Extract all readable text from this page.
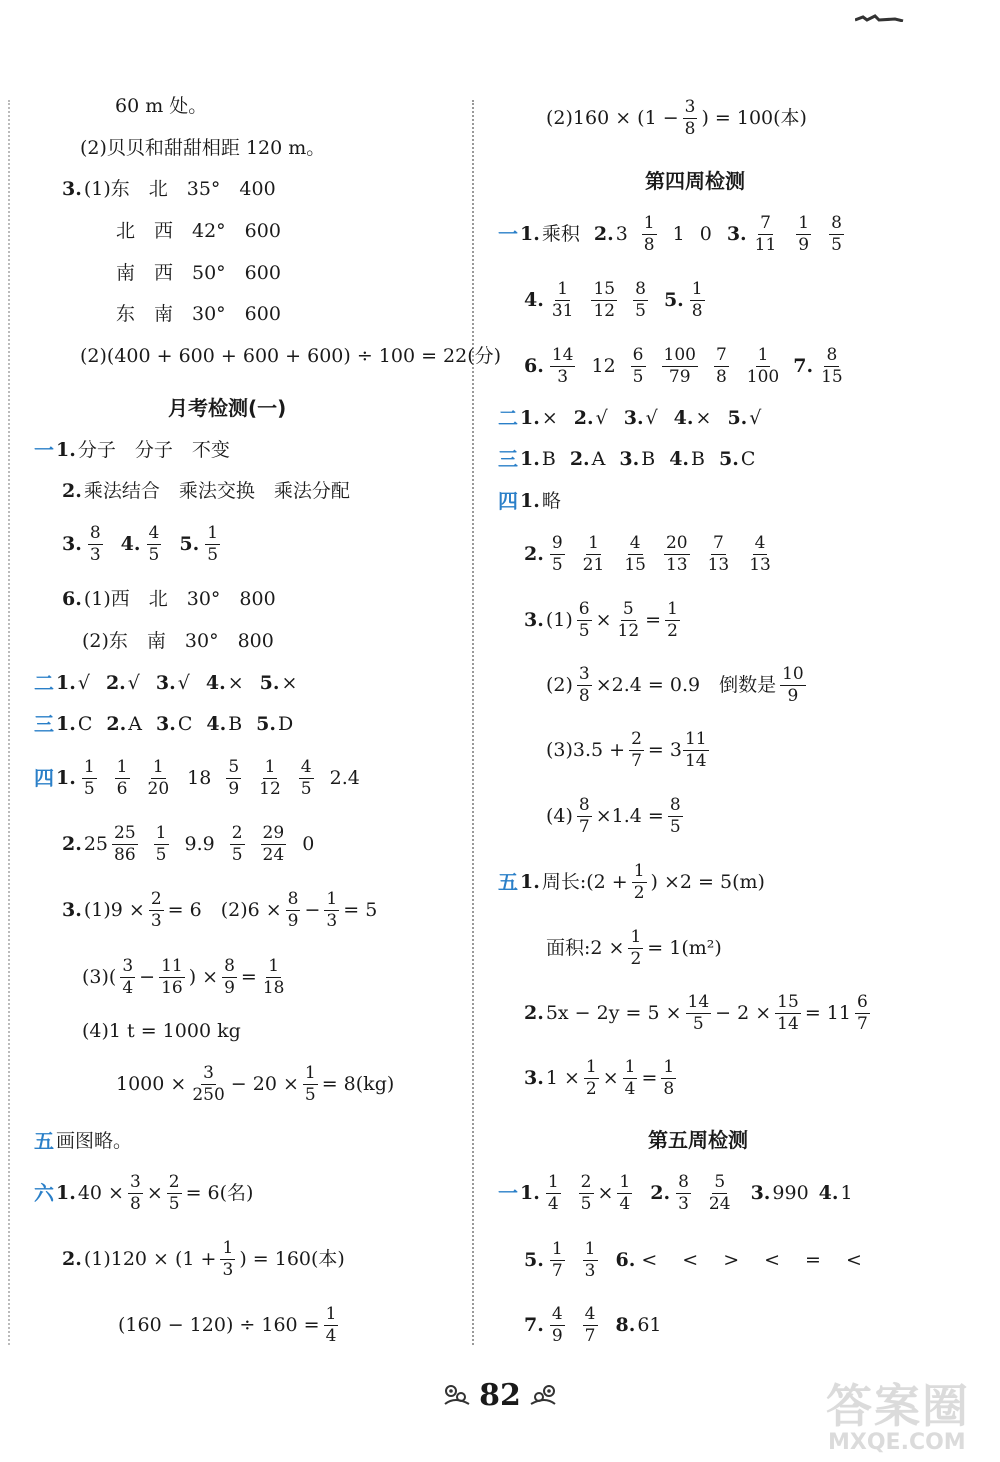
60 m 处。
(2)贝贝和甜甜相距 120 m。
3. (1)东　北　35°　400
北　西　42°　600
南　西　50°　600
东　南　30°　600
(2)(400 + 600 + 600 + 600) ÷ 100 = 22(分)
月考检测(一)
一 1. 分子　分子　不变
2. 乘法结合　乘法交换　乘法分配
3. $\frac{8}{3} 4$. $\frac{4}{5} 5$. $\frac{1}{5}$
6. (1)西　北　30°　800
(2)东　南　30°　800
二 1. √ 2. √ 3. √ 4. × 5. ×
三 1. C 2. A 3. C 4. B 5. D
四 1. $\frac{1}{5} \frac{1}{6} \frac{1}{20} 18 \frac{5}{9} \frac{1}{12} \frac{4}{5} 2.4$
2. $25 \frac{25}{86} \frac{1}{5} 9.9 \frac{2}{5} \frac{29}{24} 0$
3. $(1)9 \times \frac{2}{3} = 6$　$(2)6 \times \frac{8}{9} - \frac{1}{3} = 5$
$(3)( \frac{3}{4} - \frac{11}{16}$ ) × $\frac{8}{9} = \frac{1}{18}$
(4)1 t = 1000 kg
$1000 \times \frac{3}{250} - 20 \times \frac{1}{5} = 8(kg)$
五 画图略。
六 1. $40 \times \frac{3}{8} \times \frac{2}{5} = 6$(名)
2. $(1)120 \times (1 + \frac{1}{3}$ ) = 160(本)
$(160 - 120) \div 160 = \frac{1}{4}$
$(2)160 \times (1 - \frac{3}{8}$ ) = 100(本)
第四周检测
一 1. 乘积 2. $3 \frac{1}{8} 1$ 0 3. $\frac{7}{11} \frac{1}{9} \frac{8}{5}$
4. $\frac{1}{31} \frac{15}{12} \frac{8}{5} 5$. $\frac{1}{8}$
6. $\frac{14}{3} 12 \frac{6}{5} \frac{100}{79} \frac{7}{8} \frac{1}{100} 7$. $\frac{8}{15}$
二 1. × 2. √ 3. √ 4. × 5. √
三 1. B 2. A 3. B 4. B 5. C
四 1. 略
2. $\frac{9}{5} \frac{1}{21} \frac{4}{15} \frac{20}{13} \frac{7}{13} \frac{4}{13}$
3. $(1) \frac{6}{5} \times \frac{5}{12} = \frac{1}{2}$
$(2) \frac{3}{8} \times 2.4 = 0.9$　倒数是 $\frac{10}{9}$
$(3)3.5 + \frac{2}{7} = 3 \frac{11}{14}$
$(4) \frac{8}{7} \times 1.4 = \frac{8}{5}$
五 1. 周长:(2 + $\frac{1}{2}$ ) ×2 = 5(m)
面积:2 × $\frac{1}{2} = 1(m^2)$
2. $5x - 2y = 5 \times \frac{14}{5} - 2 \times \frac{15}{14} = 11 \frac{6}{7}$
3. $1 \times \frac{1}{2} \times \frac{1}{4} = \frac{1}{8}$
第五周检测
一 1. $\frac{1}{4} \frac{2}{5} \times \frac{1}{4} 2$. $\frac{8}{3} \frac{5}{24} 3$. 990 4. 1
5. $\frac{1}{7} \frac{1}{3} 6$. < < > < = <
7. $\frac{4}{9} \frac{4}{7} 8$. 61
82	答案圈
MXQE.COM
